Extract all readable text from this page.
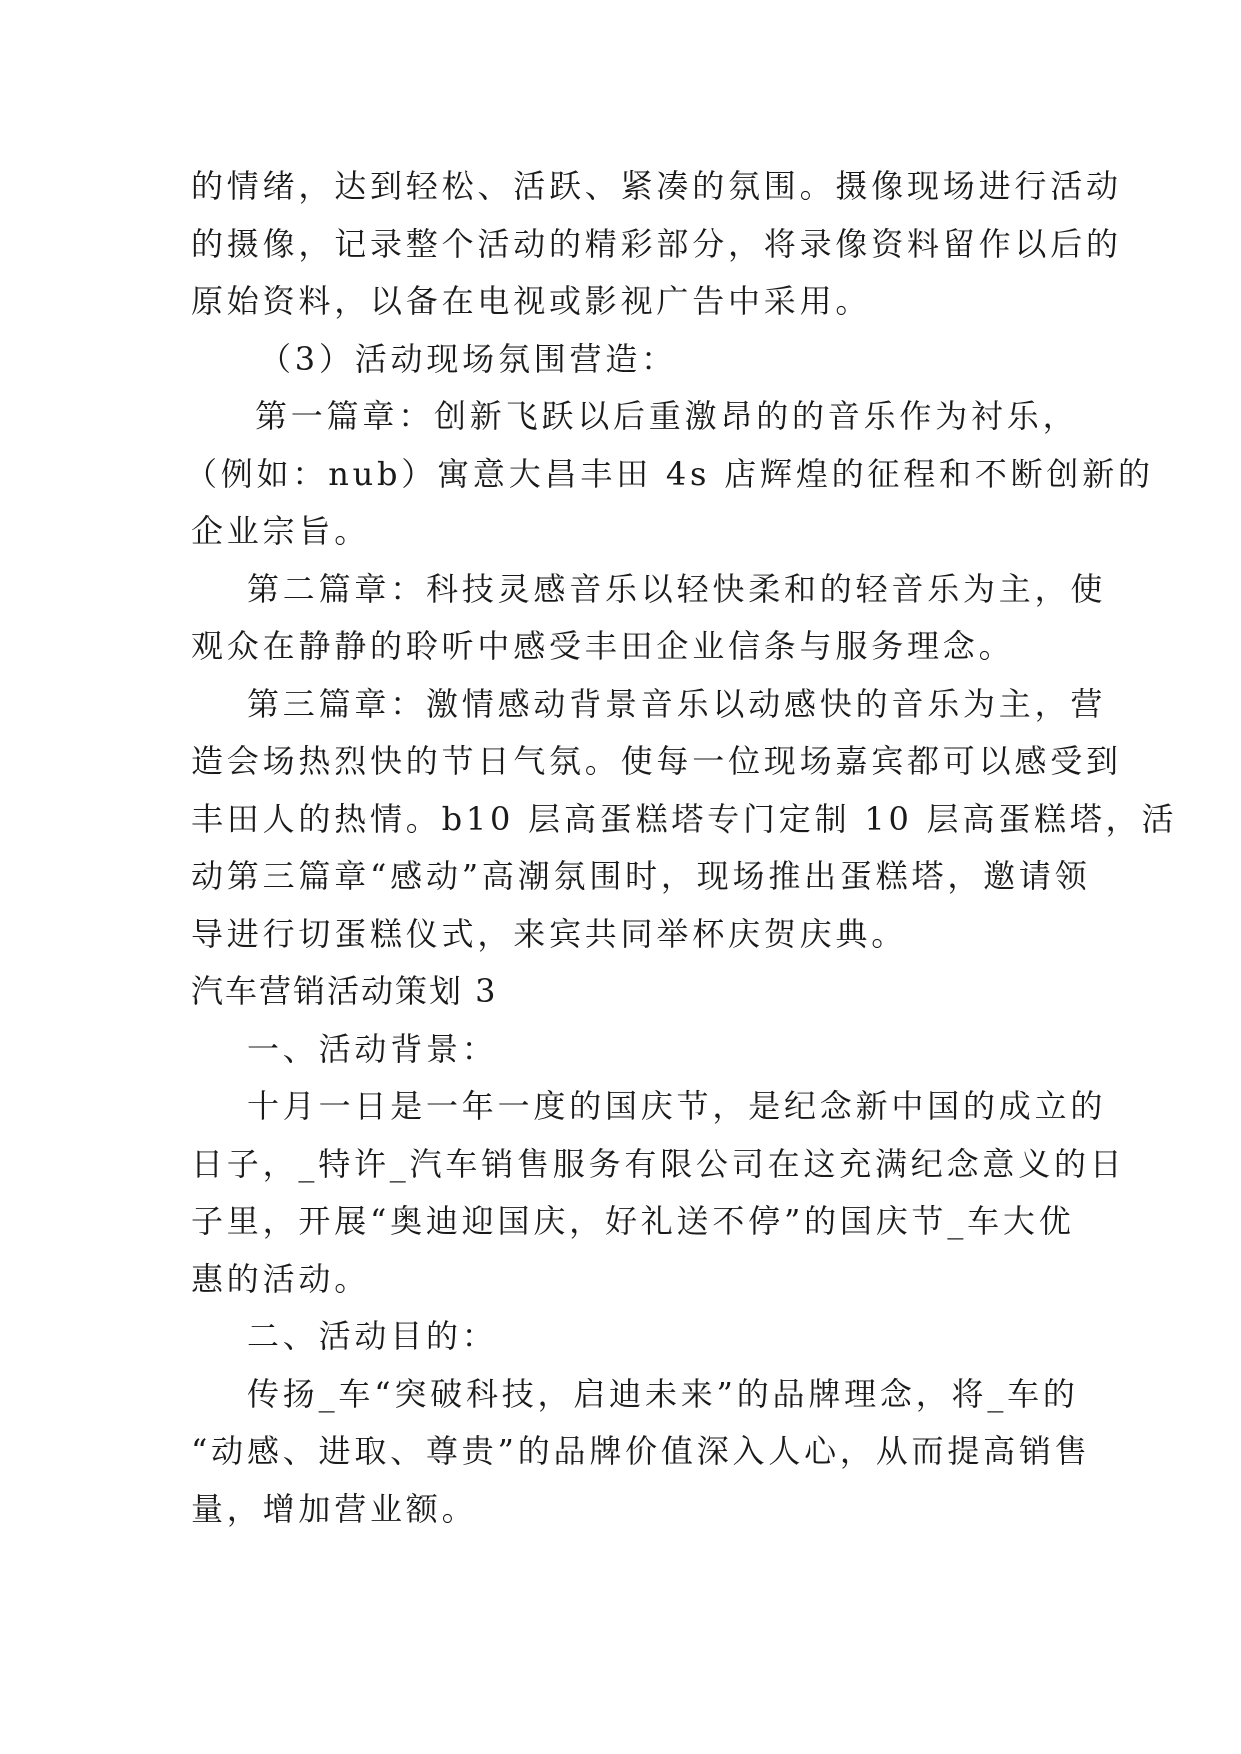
的情绪，达到轻松、活跃、紧凑的氛围。摄像现场进行活动
的摄像，记录整个活动的精彩部分，将录像资料留作以后的
原始资料，以备在电视或影视广告中采用。
（3）活动现场氛围营造：
第一篇章：创新飞跃以后重激昂的的音乐作为衬乐，
（例如：nub）寓意大昌丰田 4s 店辉煌的征程和不断创新的
企业宗旨。
第二篇章：科技灵感音乐以轻快柔和的轻音乐为主，使
观众在静静的聆听中感受丰田企业信条与服务理念。
第三篇章：激情感动背景音乐以动感快的音乐为主，营
造会场热烈快的节日气氛。使每一位现场嘉宾都可以感受到
丰田人的热情。b10 层高蛋糕塔专门定制 10 层高蛋糕塔，活
动第三篇章“感动”高潮氛围时，现场推出蛋糕塔，邀请领
导进行切蛋糕仪式，来宾共同举杯庆贺庆典。
汽车营销活动策划 3
一、活动背景：
十月一日是一年一度的国庆节，是纪念新中国的成立的
日子，_特许_汽车销售服务有限公司在这充满纪念意义的日
子里，开展“奥迪迎国庆，好礼送不停”的国庆节_车大优
惠的活动。
二、活动目的：
传扬_车“突破科技，启迪未来”的品牌理念，将_车的
“动感、进取、尊贵”的品牌价值深入人心，从而提高销售
量，增加营业额。
